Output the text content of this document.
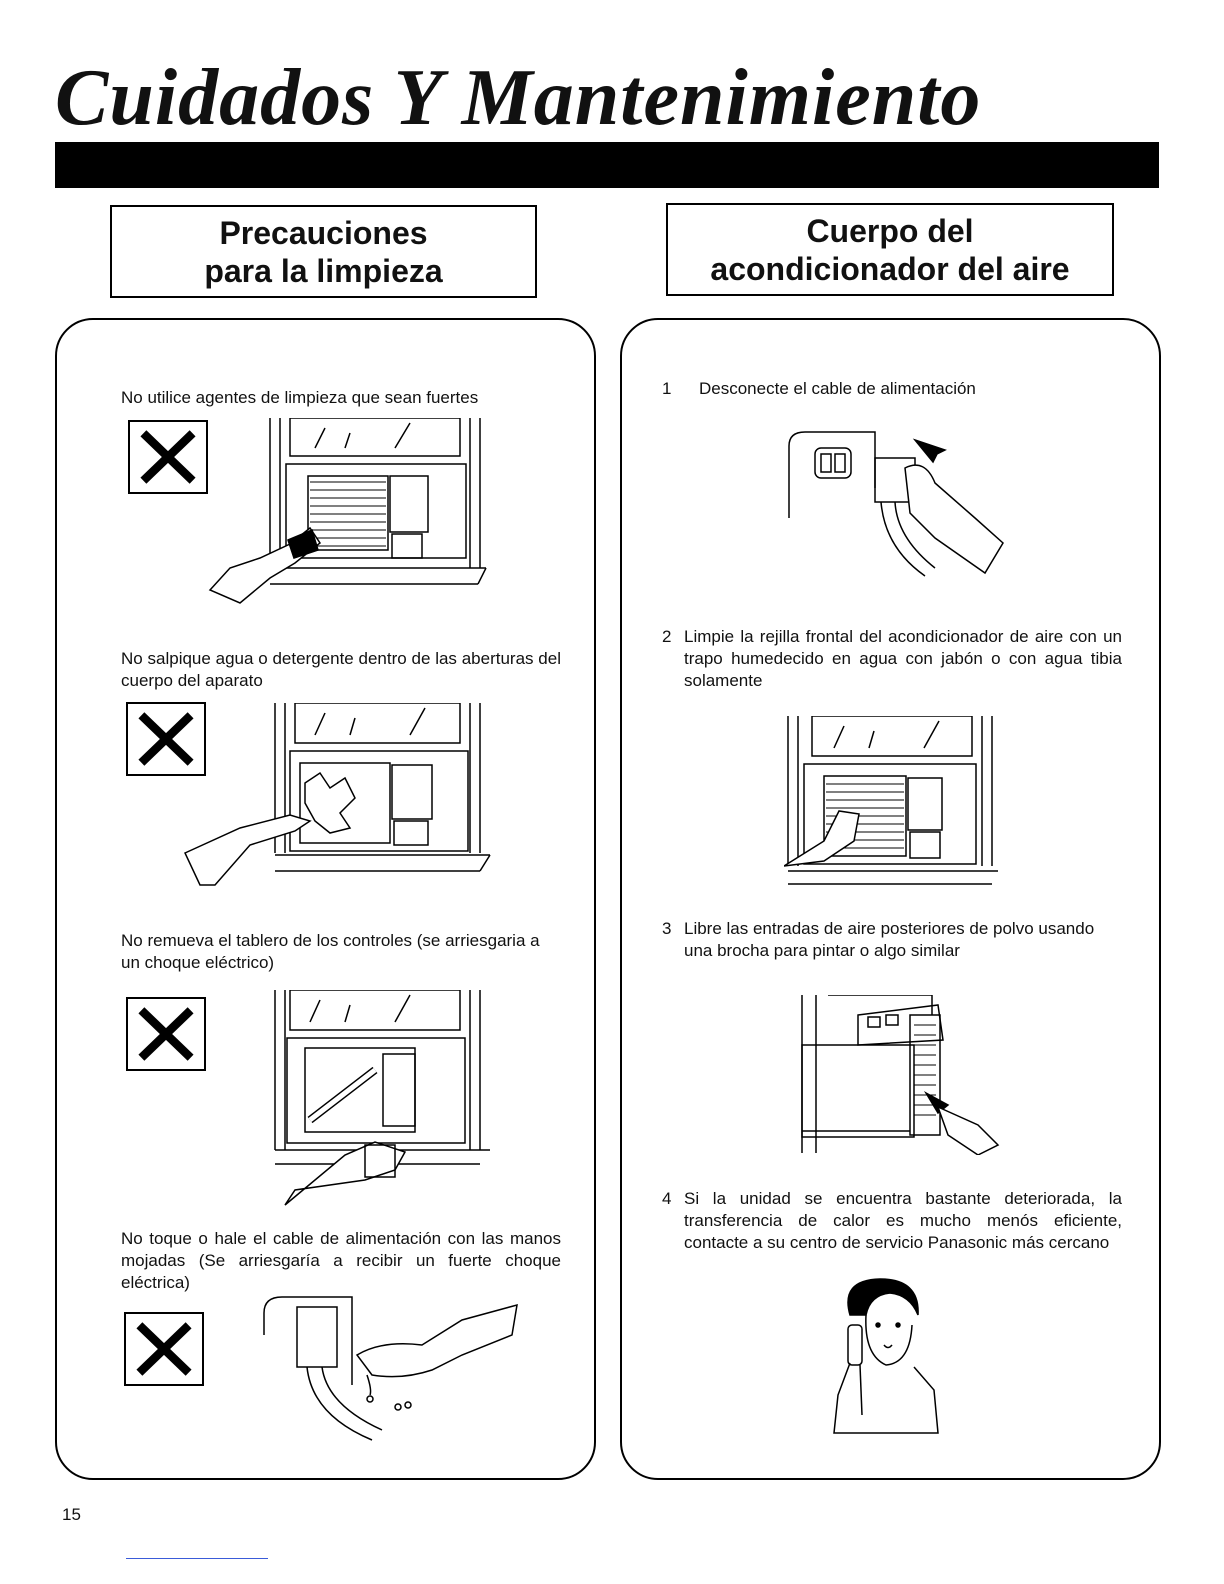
Cuidados Y Mantenimiento
Precauciones
para la limpieza
Cuerpo del
acondicionador del aire

No utilice agentes de limpieza que sean fuertes

No salpique agua o detergente dentro de las aberturas del cuerpo del aparato

No remueva el tablero de los controles (se arriesgaria a un choque eléctrico)

No toque o hale el cable de alimentación con las manos mojadas (Se arriesgaría a recibir un fuerte choque eléctrica)

1 Desconecte el cable de alimentación

2 Limpie la rejilla frontal del acondicionador de aire con un trapo humedecido en agua con jabón o con agua tibia solamente

3 Libre las entradas de aire posteriores de polvo usando una brocha para pintar o algo similar

4 Si la unidad se encuentra bastante deteriorada, la transferencia de calor es mucho menós eficiente, contacte a su centro de servicio Panasonic más cercano

15
